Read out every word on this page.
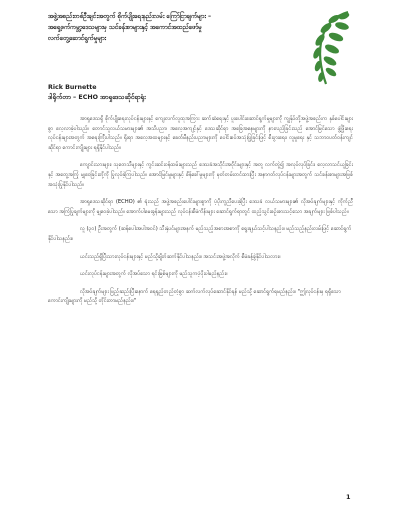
အဖွဲ့အစည်းတစ်ဦးချင်းအတွက် စိုက်ပျိုးရေးနည်းလမ်း ကြော်ငြာချက်များ –
အရှေ့ဖက်ကမ္ဘာ့ဒေသများမှ သင်ခန်းစာများနှင့် အကောင်အထည်ဖော်မှု
လက်တွေ့ဆောင်ရွက်မှုများ
Rick Burnette
ဒါရိုက်တာ – ECHO အာရှဒေသဆိုင်ရာရုံး

အာရှဒေသရှိ စိုက်ပျိုးရေးလုပ်ငန်းများနှင့် ကျေးလက်လူထုအကြား ဆက်ဆံရေးနှင့် ပူးပေါင်းဆောင်ရွက်မှုများကို ကျွန်ုပ်တို့အဖွဲ့အစည်းက နှစ်ပေါင်းများစွာ လေ့လာခဲ့ပါသည်။ တောင်သူလယ်သမားများ၏ အသိပညာ၊ အလေ့အကျင့်နှင့် ဒေသဆိုင်ရာ အခြေအနေများကို နားလည်ခြင်းသည် အောင်မြင်သော ဖွံ့ဖြိုးရေးလုပ်ငန်းများအတွက် အရေးကြီးပါသည်။ ရိုးရာ အလေ့အထများနှင့် ခေတ်မီနည်းပညာများကို ပေါင်းစပ်အသုံးပြုခြင်းဖြင့် စီးပွားရေး၊ လူမှုရေး နှင့် သဘာဝပတ်ဝန်းကျင်ဆိုင်ရာ ကောင်းကျိုးများ ရရှိနိုင်ပါသည်။

ကျောင်းသားများ၊ သုတေသီများနှင့် ကွင်းဆင်းဝန်ထမ်းများသည် ဒေသခံအသိုင်းအဝိုင်းများနှင့် အတူ လက်တွဲ၍ အလုပ်လုပ်ခြင်း၊ လေ့လာသင်ယူခြင်းနှင့် အတွေ့အကြုံ မျှဝေခြင်းတို့ကို ပြုလုပ်ခဲ့ကြပါသည်။ အောင်မြင်မှုများနှင့် စိန်ခေါ်မှုများကို မှတ်တမ်းတင်ထားပြီး အနာဂတ်လုပ်ငန်းများအတွက် သင်ခန်းစာများအဖြစ် အသုံးပြုနိုင်ပါသည်။

အာရှဒေသဆိုင်ရာ (ECHO) ၏ ရုံးသည် အဖွဲ့အစည်းပေါင်းများစွာကို ပံ့ပိုးကူညီပေးခဲ့ပြီး ဒေသခံ လယ်သမားများ၏ လိုအပ်ချက်များနှင့် ကိုက်ညီသော အကြံပြုချက်များကို မျှဝေခဲ့ပါသည်။ အောက်ပါမေးခွန်းများသည် လုပ်ငန်းစီမံကိန်းများ ဆောင်ရွက်ရာတွင် ထည့်သွင်းစဉ်းစားသင့်သော အချက်များ ဖြစ်ပါသည်။

လူ (၃၀) ဦးအတွက် (ဆန်စပါးအပါအဝင်) သီးနှံပင်များအနက် မည်သည့်အစားအစာကို ရွေးချယ်သင့်ပါသနည်း။ မည်သည့်နည်းလမ်းဖြင့် ဆောင်ရွက်နိုင်ပါသနည်း။

ယင်းသည်ရှိပြီးသားလုပ်ငန်းများနှင့် မည်သို့ချိတ်ဆက်နိုင်ပါသနည်း။ အသင်းအဖွဲ့အလိုက် စီမံခန့်ခွဲနိုင်ပါသလား။

ယင်းလုပ်ငန်းများအတွက် လိုအပ်သော ရင်းမြစ်များကို မည်သူကပံ့ပိုးပါမည်နည်း။

လိုအပ်ချက်များ ဖြည့်ဆည်းပြီးနောက် ရေရှည်တည်တံ့စွာ ဆက်လက်လုပ်ဆောင်နိုင်ရန် မည်သို့ ဆောင်ရွက်ရမည်နည်း။ "ဤလုပ်ငန်းမှ ရရှိသော ကောင်းကျိုးများကို မည်သို့ တိုင်းတာမည်နည်း။"

1
